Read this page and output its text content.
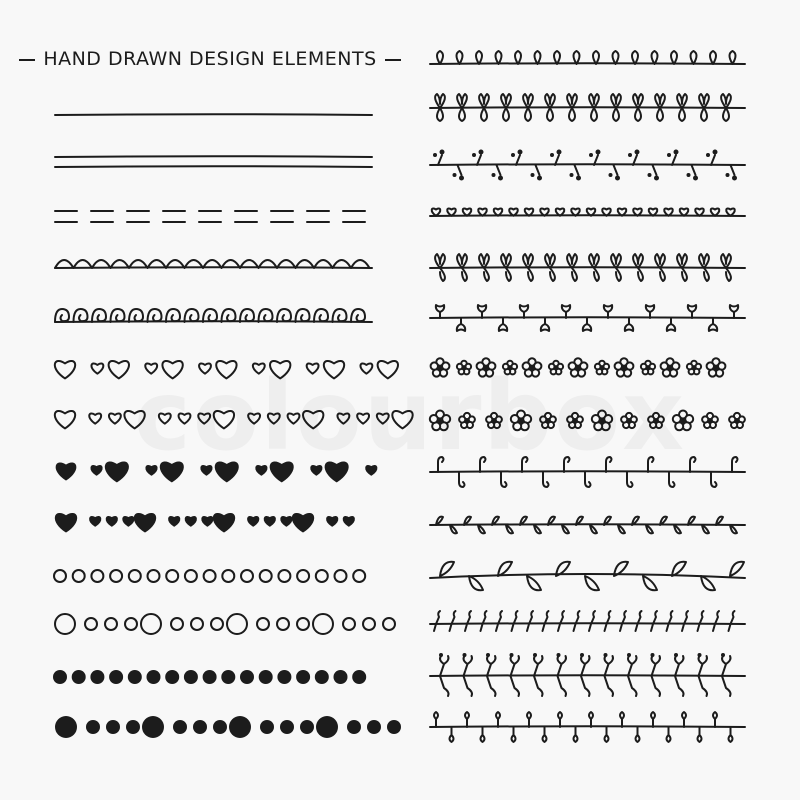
HAND DRAWN DESIGN ELEMENTS
